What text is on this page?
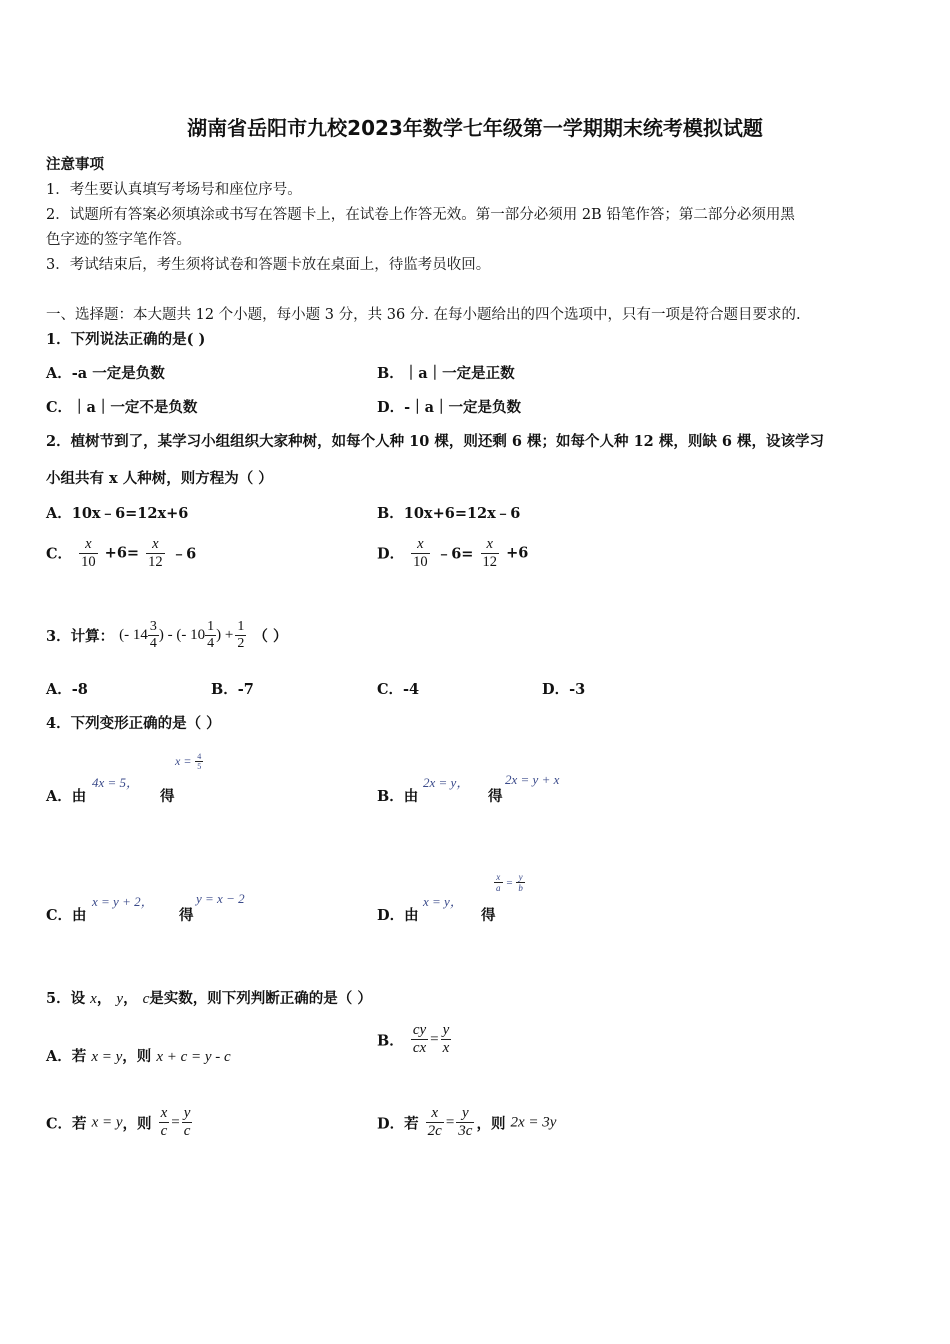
湖南省岳阳市九校2023年数学七年级第一学期期末统考模拟试题
注意事项
1．考生要认真填写考场号和座位序号。
2．试题所有答案必须填涂或书写在答题卡上，在试卷上作答无效。第一部分必须用 2B 铅笔作答；第二部分必须用黑
色字迹的签字笔作答。
3．考试结束后，考生须将试卷和答题卡放在桌面上，待监考员收回。
一、选择题：本大题共 12 个小题，每小题 3 分，共 36 分. 在每小题给出的四个选项中，只有一项是符合题目要求的.
1．下列说法正确的是( )
A．-a 一定是负数	B．｜a｜一定是正数
C．｜a｜一定不是负数	D．-｜a｜一定是负数
2．植树节到了，某学习小组组织大家种树，如每个人种 10 棵，则还剩 6 棵；如每个人种 12 棵，则缺 6 棵，设该学习
小组共有 x 人种树，则方程为（ ）
A．10x﹣6=12x+6	B．10x+6=12x﹣6
C． $\frac{x}{10} +6= \frac{x}{12}$ ﹣6	D． $\frac{x}{10}$ ﹣6= $\frac{x}{12} +6$
3．计算： (- $14 \frac{3}{4}$ ) - (- $10 \frac{1}{4}$ ) + $\frac{1}{2}$ （ ）
A．-8	B．-7	C．-4	D．-3
4．下列变形正确的是（ ）
A．由
4x = 5，
得
$x = \frac{4}{5}$
B．由
2x = y，
得
2x = y + x
C．由
x = y + 2，
得
y = x − 2
D．由
x = y，
得
$\frac{x}{a} = \frac{y}{b}$
5．设 x， y， c是实数，则下列判断正确的是（ ）
A．若 x = y，则 x + c = y - c
B． $\frac{cy}{cx} = \frac{y}{x}$
C．若 x = y，则 $\frac{x}{c} = \frac{y}{c}$	D．若 $\frac{x}{2c} = \frac{y}{3c}$ ，则 2x = 3y
